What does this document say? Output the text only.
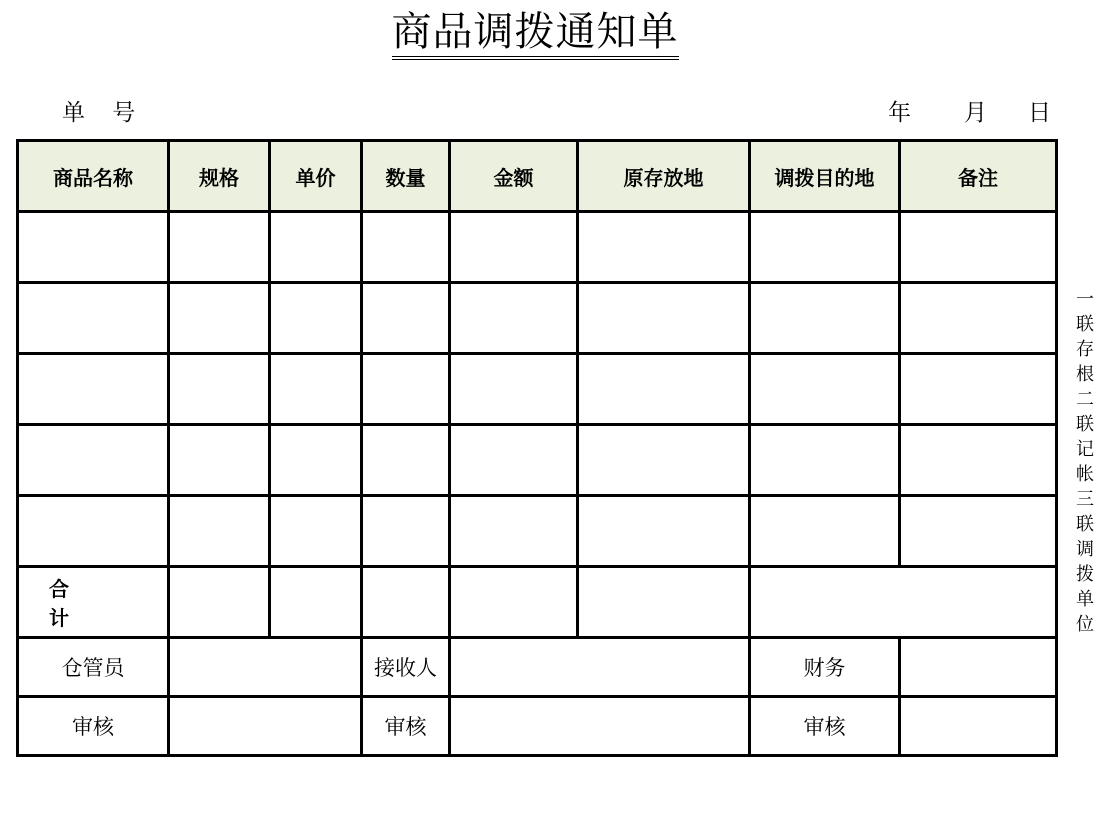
商品调拨通知单
单 号	年 月 日
商品名称	规格	单价	数量	金额	原存放地	调拨目的地	备注

合 计							
仓管员			接收人			财务	
审核			审核			审核	
一联存根二联记帐三联调拨单位
